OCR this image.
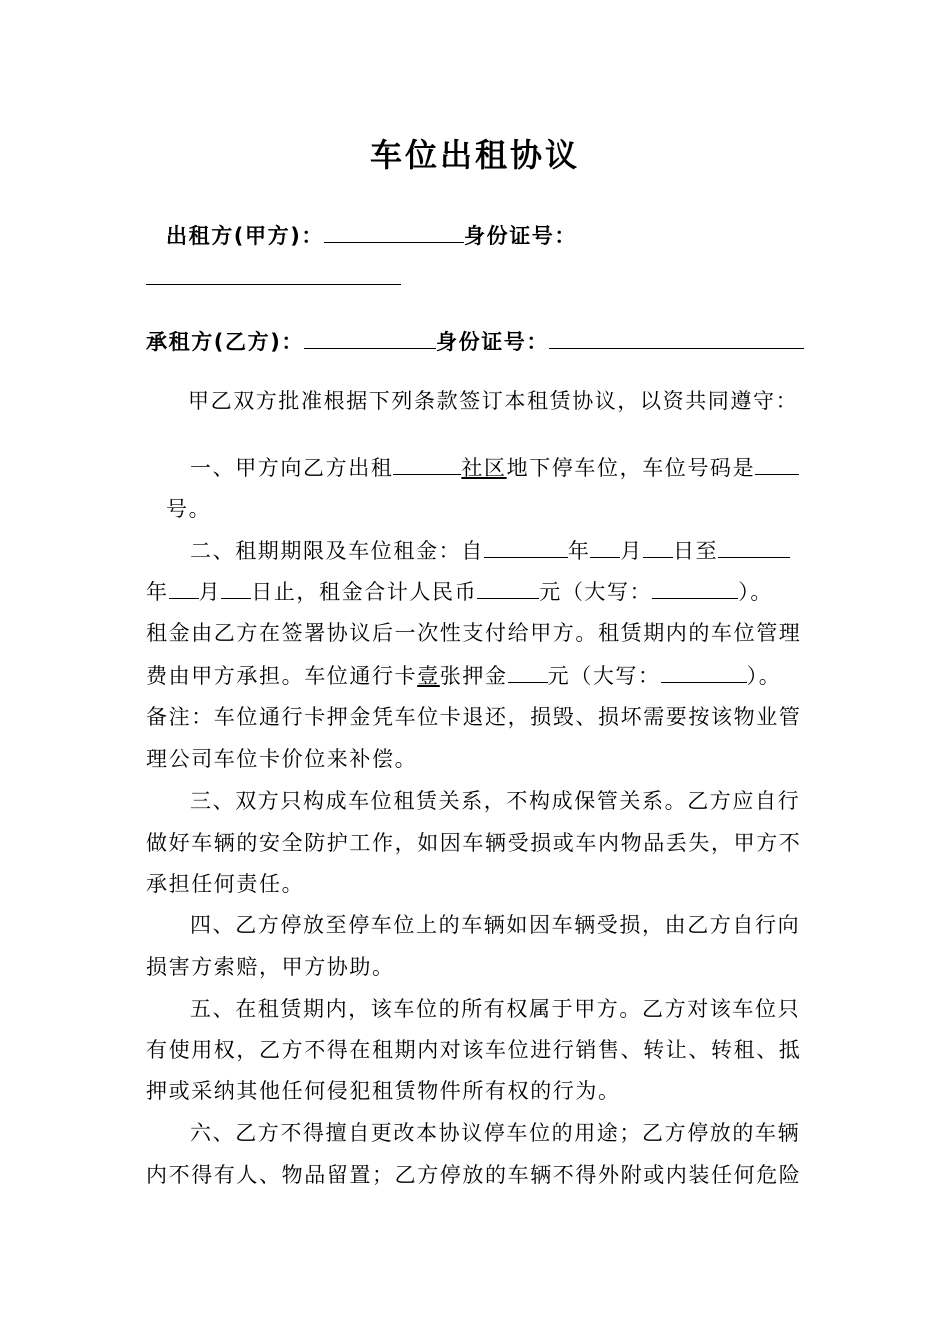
车位出租协议
出租方(甲方)：	身份证号：
承租方(乙方)：	身份证号：
甲乙双方批准根据下列条款签订本租赁协议，以资共同遵守：
一、甲方向乙方出租	社区地下停车位，车位号码是
号。
二、租期期限及车位租金：自	年 月 日至
年 月 日止，租金合计人民币	元（大写：	）。
租金由乙方在签署协议后一次性支付给甲方。租赁期内的车位管理
费由甲方承担。车位通行卡壹张押金 元（大写：	）。
备注：车位通行卡押金凭车位卡退还，损毁、损坏需要按该物业管
理公司车位卡价位来补偿。
三、双方只构成车位租赁关系，不构成保管关系。乙方应自行
做好车辆的安全防护工作，如因车辆受损或车内物品丢失，甲方不
承担任何责任。
四、乙方停放至停车位上的车辆如因车辆受损，由乙方自行向
损害方索赔，甲方协助。
五、在租赁期内，该车位的所有权属于甲方。乙方对该车位只
有使用权，乙方不得在租期内对该车位进行销售、转让、转租、抵
押或采纳其他任何侵犯租赁物件所有权的行为。
六、乙方不得擅自更改本协议停车位的用途；乙方停放的车辆
内不得有人、物品留置；乙方停放的车辆不得外附或内装任何危险
